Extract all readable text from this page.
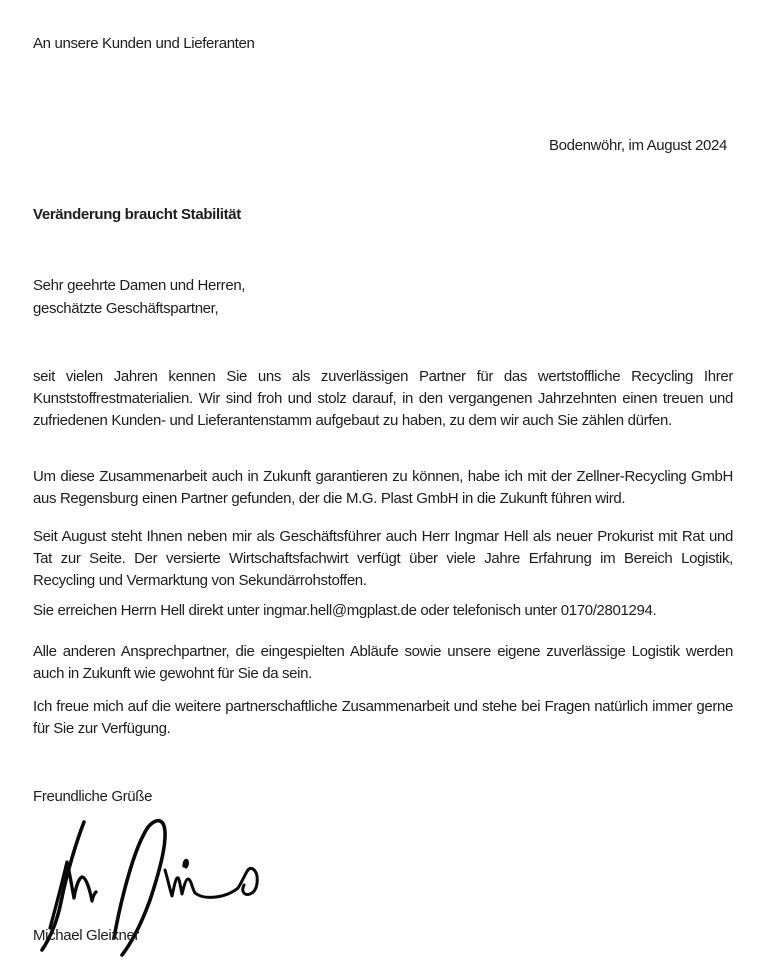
An unsere Kunden und Lieferanten
Bodenwöhr, im August 2024
Veränderung braucht Stabilität
Sehr geehrte Damen und Herren,
geschätzte Geschäftspartner,
seit vielen Jahren kennen Sie uns als zuverlässigen Partner für das wertstoffliche Recycling Ihrer Kunststoffrestmaterialien. Wir sind froh und stolz darauf, in den vergangenen Jahrzehnten einen treuen und zufriedenen Kunden- und Lieferantenstamm aufgebaut zu haben, zu dem wir auch Sie zählen dürfen.
Um diese Zusammenarbeit auch in Zukunft garantieren zu können, habe ich mit der Zellner-Recycling GmbH aus Regensburg einen Partner gefunden, der die M.G. Plast GmbH in die Zukunft führen wird.
Seit August steht Ihnen neben mir als Geschäftsführer auch Herr Ingmar Hell als neuer Prokurist mit Rat und Tat zur Seite. Der versierte Wirtschaftsfachwirt verfügt über viele Jahre Erfahrung im Bereich Logistik, Recycling und Vermarktung von Sekundärrohstoffen.
Sie erreichen Herrn Hell direkt unter ingmar.hell@mgplast.de oder telefonisch unter 0170/2801294.
Alle anderen Ansprechpartner, die eingespielten Abläufe sowie unsere eigene zuverlässige Logistik werden auch in Zukunft wie gewohnt für Sie da sein.
Ich freue mich auf die weitere partnerschaftliche Zusammenarbeit und stehe bei Fragen natürlich immer gerne für Sie zur Verfügung.
Freundliche Grüße
Michael Gleixner
